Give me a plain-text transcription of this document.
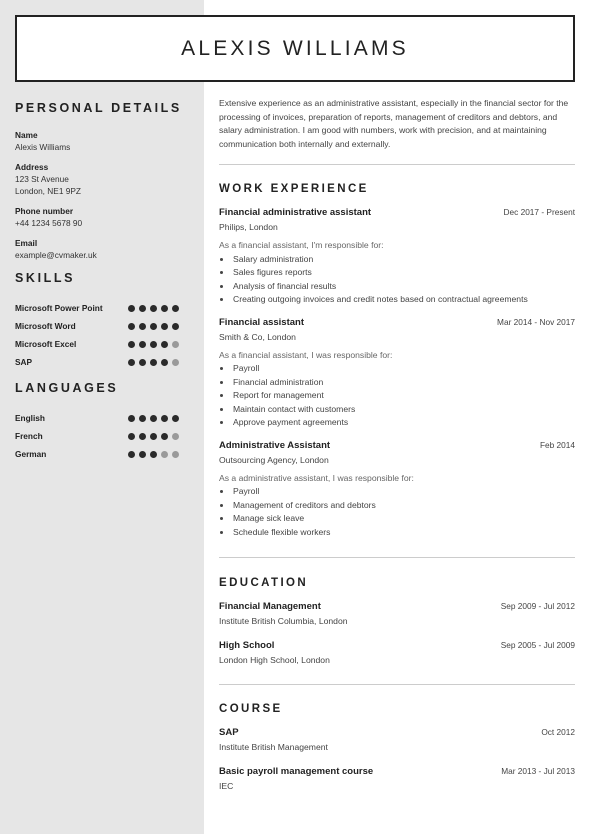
ALEXIS WILLIAMS
PERSONAL DETAILS
Name
Alexis Williams
Address
123 St Avenue
London, NE1 9PZ
Phone number
+44 1234 5678 90
Email
example@cvmaker.uk
SKILLS
Microsoft Power Point
Microsoft Word
Microsoft Excel
SAP
LANGUAGES
English
French
German

Extensive experience as an administrative assistant, especially in the financial sector for the processing of invoices, preparation of reports, management of creditors and debtors, and salary administration. I am good with numbers, work with precision, and at maintaining communication both internally and externally.

WORK EXPERIENCE
Financial administrative assistant	Dec 2017 - Present
Philips, London
As a financial assistant, I'm responsible for:
• Salary administration
• Sales figures reports
• Analysis of financial results
• Creating outgoing invoices and credit notes based on contractual agreements
Financial assistant	Mar 2014 - Nov 2017
Smith & Co, London
As a financial assistant, I was responsible for:
• Payroll
• Financial administration
• Report for management
• Maintain contact with customers
• Approve payment agreements
Administrative Assistant	Feb 2014
Outsourcing Agency, London
As a administrative assistant, I was responsible for:
• Payroll
• Management of creditors and debtors
• Manage sick leave
• Schedule flexible workers
EDUCATION
Financial Management	Sep 2009 - Jul 2012
Institute British Columbia, London
High School	Sep 2005 - Jul 2009
London High School, London
COURSE
SAP	Oct 2012
Institute British Management
Basic payroll management course	Mar 2013 - Jul 2013
IEC
